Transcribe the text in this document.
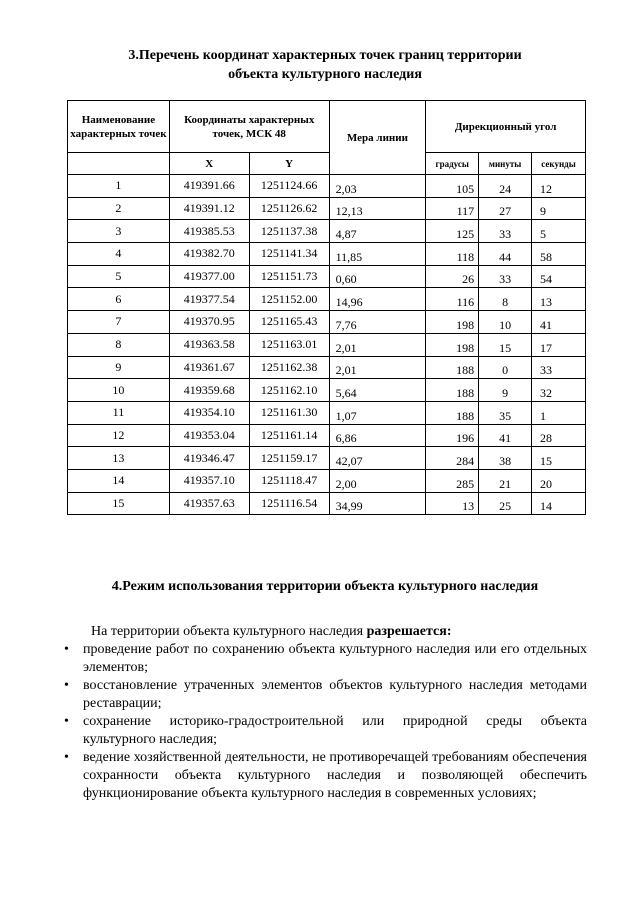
3.Перечень координат характерных точек границ территории
объекта культурного наследия
Наименование характерных точек	Координаты характерных точек, МСК 48		Мера линии	Дирекционный угол		
	X	Y		градусы	минуты	секунды
1	419391.66	1251124.66	2,03	105	24	12
2	419391.12	1251126.62	12,13	117	27	9
3	419385.53	1251137.38	4,87	125	33	5
4	419382.70	1251141.34	11,85	118	44	58
5	419377.00	1251151.73	0,60	26	33	54
6	419377.54	1251152.00	14,96	116	8	13
7	419370.95	1251165.43	7,76	198	10	41
8	419363.58	1251163.01	2,01	198	15	17
9	419361.67	1251162.38	2,01	188	0	33
10	419359.68	1251162.10	5,64	188	9	32
11	419354.10	1251161.30	1,07	188	35	1
12	419353.04	1251161.14	6,86	196	41	28
13	419346.47	1251159.17	42,07	284	38	15
14	419357.10	1251118.47	2,00	285	21	20
15	419357.63	1251116.54	34,99	13	25	14
4.Режим использования территории объекта культурного наследия
На территории объекта культурного наследия разрешается:
• проведение работ по сохранению объекта культурного наследия или его отдельных элементов;
• восстановление утраченных элементов объектов культурного наследия методами реставрации;
• сохранение историко-градостроительной или природной среды объекта культурного наследия;
• ведение хозяйственной деятельности, не противоречащей требованиям обеспечения сохранности объекта культурного наследия и позволяющей обеспечить функционирование объекта культурного наследия в современных условиях;
